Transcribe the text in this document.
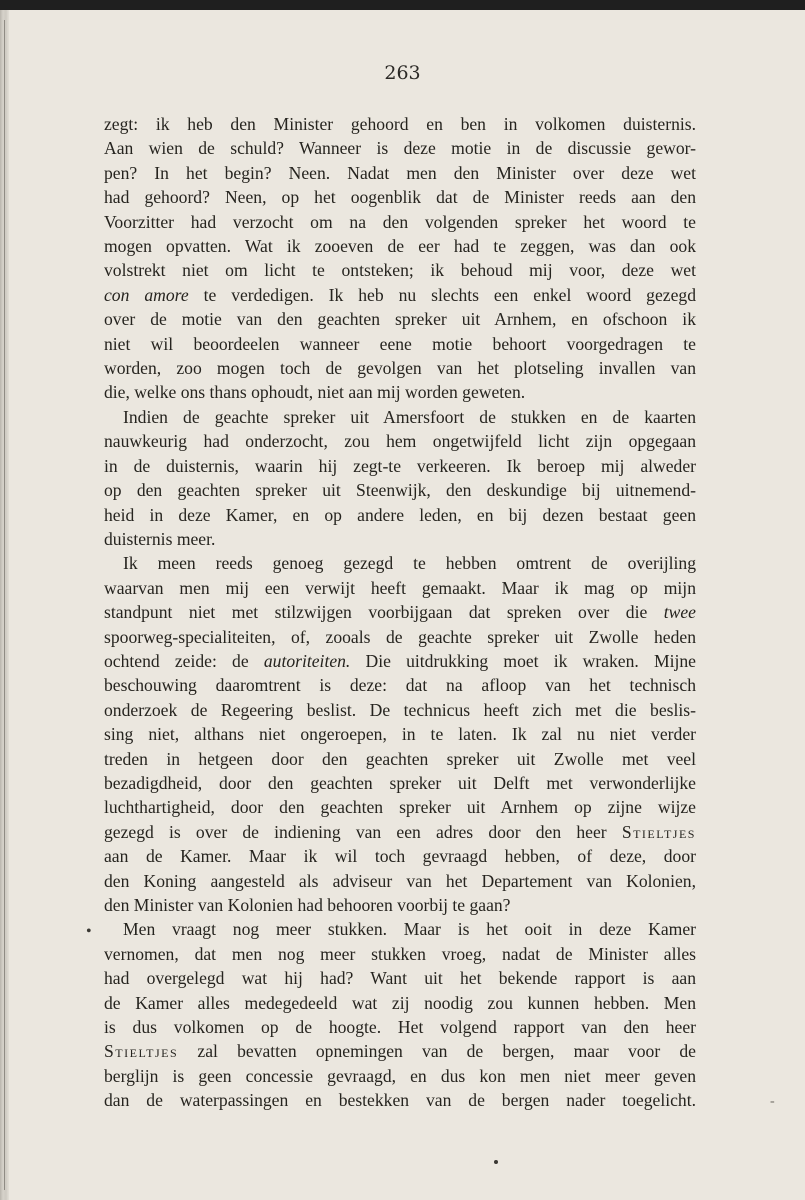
263
zegt: ik heb den Minister gehoord en ben in volkomen duisternis.
Aan wien de schuld? Wanneer is deze motie in de discussie gewor-
pen? In het begin? Neen. Nadat men den Minister over deze wet
had gehoord? Neen, op het oogenblik dat de Minister reeds aan den
Voorzitter had verzocht om na den volgenden spreker het woord te
mogen opvatten. Wat ik zooeven de eer had te zeggen, was dan ook
volstrekt niet om licht te ontsteken; ik behoud mij voor, deze wet
con amore te verdedigen. Ik heb nu slechts een enkel woord gezegd
over de motie van den geachten spreker uit Arnhem, en ofschoon ik
niet wil beoordeelen wanneer eene motie behoort voorgedragen te
worden, zoo mogen toch de gevolgen van het plotseling invallen van
die, welke ons thans ophoudt, niet aan mij worden geweten.
Indien de geachte spreker uit Amersfoort de stukken en de kaarten
nauwkeurig had onderzocht, zou hem ongetwijfeld licht zijn opgegaan
in de duisternis, waarin hij zegt-te verkeeren. Ik beroep mij alweder
op den geachten spreker uit Steenwijk, den deskundige bij uitnemend-
heid in deze Kamer, en op andere leden, en bij dezen bestaat geen
duisternis meer.
Ik meen reeds genoeg gezegd te hebben omtrent de overijling
waarvan men mij een verwijt heeft gemaakt. Maar ik mag op mijn
standpunt niet met stilzwijgen voorbijgaan dat spreken over die twee
spoorweg-specialiteiten, of, zooals de geachte spreker uit Zwolle heden
ochtend zeide: de autoriteiten. Die uitdrukking moet ik wraken. Mijne
beschouwing daaromtrent is deze: dat na afloop van het technisch
onderzoek de Regeering beslist. De technicus heeft zich met die beslis-
sing niet, althans niet ongeroepen, in te laten. Ik zal nu niet verder
treden in hetgeen door den geachten spreker uit Zwolle met veel
bezadigdheid, door den geachten spreker uit Delft met verwonderlijke
luchthartigheid, door den geachten spreker uit Arnhem op zijne wijze
gezegd is over de indiening van een adres door den heer Stieltjes
aan de Kamer. Maar ik wil toch gevraagd hebben, of deze, door
den Koning aangesteld als adviseur van het Departement van Kolonien,
den Minister van Kolonien had behooren voorbij te gaan?
Men vraagt nog meer stukken. Maar is het ooit in deze Kamer
vernomen, dat men nog meer stukken vroeg, nadat de Minister alles
had overgelegd wat hij had? Want uit het bekende rapport is aan
de Kamer alles medegedeeld wat zij noodig zou kunnen hebben. Men
is dus volkomen op de hoogte. Het volgend rapport van den heer
Stieltjes zal bevatten opnemingen van de bergen, maar voor de
berglijn is geen concessie gevraagd, en dus kon men niet meer geven
dan de waterpassingen en bestekken van de bergen nader toegelicht.
•
-
